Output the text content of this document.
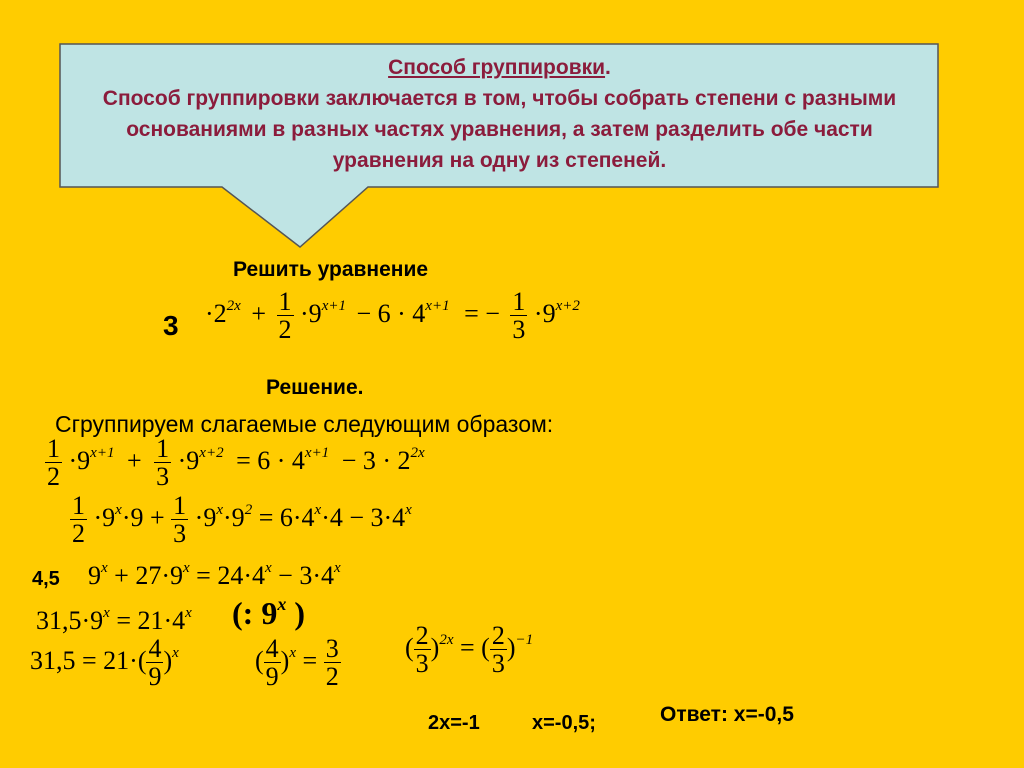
Способ группировки.
Способ группировки заключается в том, чтобы собрать степени с разными основаниями в разных частях уравнения, а затем разделить обе части уравнения на одну из степеней.
Решить уравнение
$3 \cdot 2^{2x} + \frac{1}{2} \cdot 9^{x+1} - 6 \cdot 4^{x+1}$ = − $\frac{1}{3} \cdot 9^{x+2}$
Решение.
Сгруппируем слагаемые следующим образом:
$\frac{1}{2} \cdot 9^{x+1} + \frac{1}{3} \cdot 9^{x+2} = 6 \cdot 4^{x+1} - 3 \cdot 2^{2x}$
$\frac{1}{2} \cdot 9^x\cdot 9 + \frac{1}{3} \cdot 9^x\cdot 9^2 = 6\cdot 4^x\cdot 4 - 3\cdot 4^x$
4,5 $9^x + 27\cdot 9^x = 24\cdot 4^x - 3\cdot 4^x$
$31,5\cdot 9^x = 21\cdot 4^x$ (: 9$^x$ )
$31,5 = 21\cdot( \frac{4}{9} )^x$	( $\frac{4}{9} )^x = \frac{3}{2}$ ( $\frac{2}{3} )^{2x}$ = ( $\frac{2}{3} )^{-1}$
2x=-1	x=-0,5;	Ответ: х=-0,5
